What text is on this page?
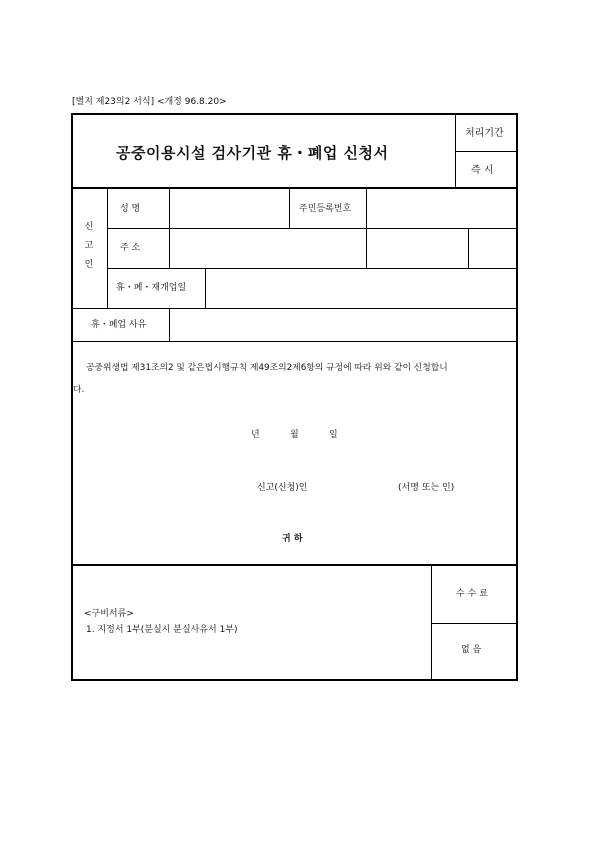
[별지 제23의2 서식] <개정 96.8.20>
공중이용시설 검사기관 휴・폐업 신청서
처리기간
즉 시
신
고
인
성 명	주민등록번호
주 소
휴・폐・재개업일
휴・폐업 사유
공중위생법 제31조의2 및 같은법시행규칙 제49조의2제6항의 규정에 따라 위와 같이 신청합니
다.
년	월	일
신고(신청)인	(서명 또는 인)
귀 하
<구비서류>
1. 지정서 1부(분실시 분실사유서 1부)
수 수 료
없 음
